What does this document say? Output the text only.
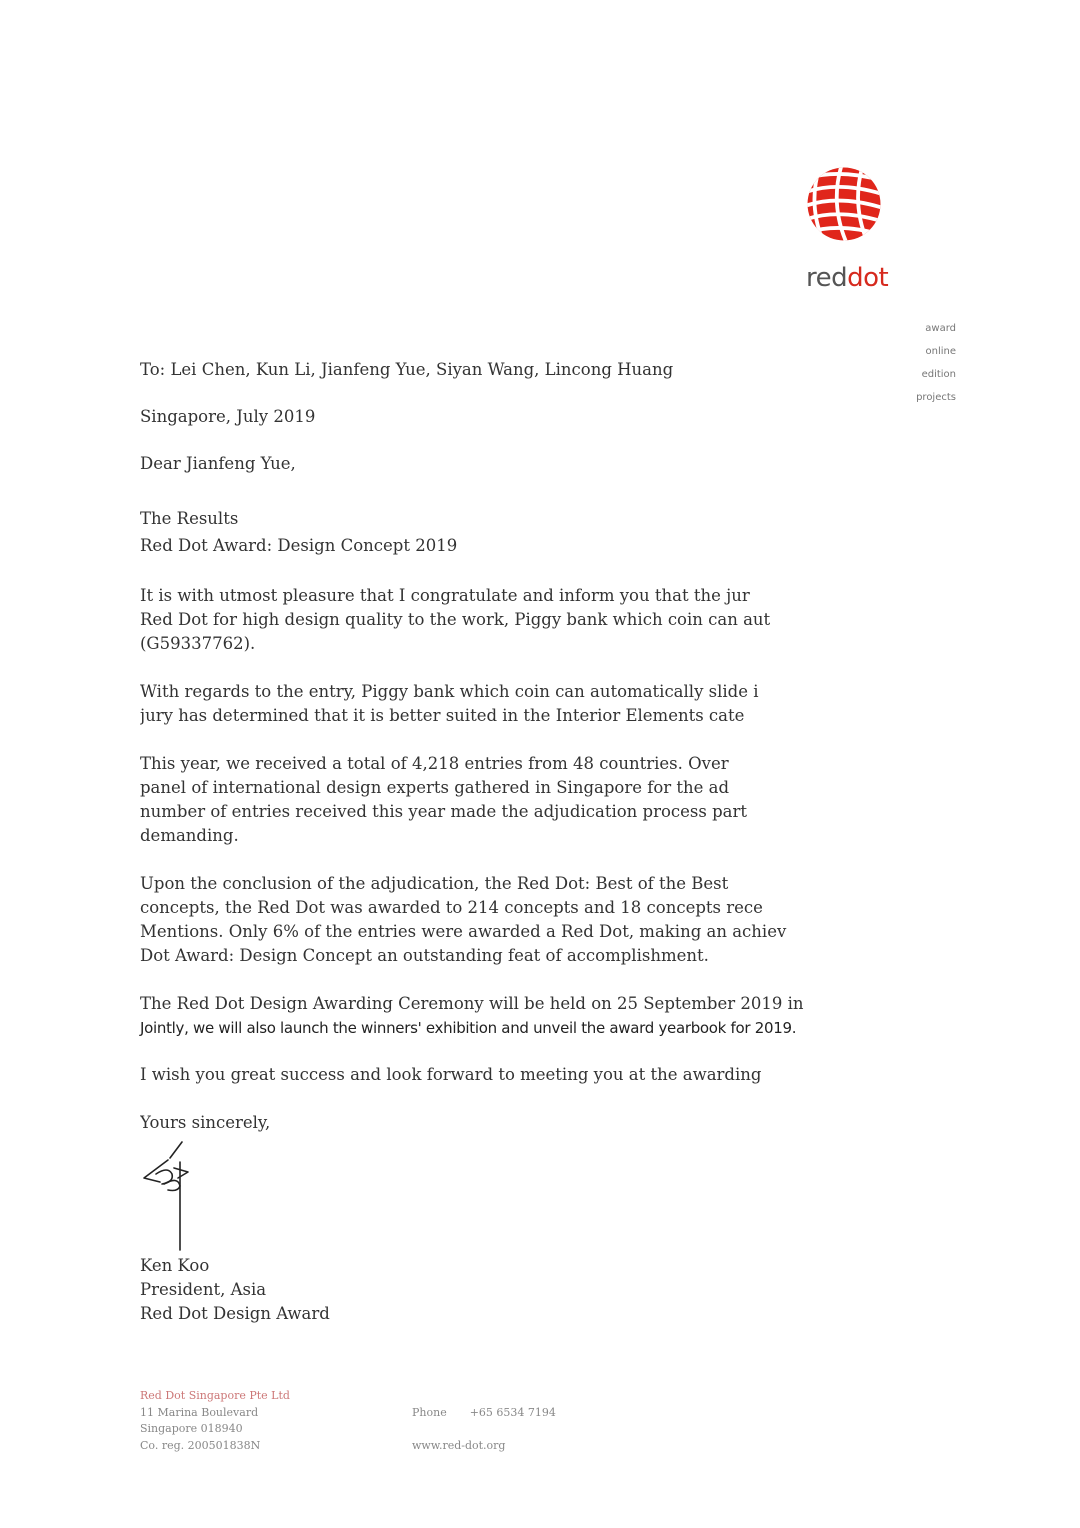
reddot
award
online
edition
projects
To: Lei Chen, Kun Li, Jianfeng Yue, Siyan Wang, Lincong Huang
Singapore, July 2019
Dear Jianfeng Yue,
The Results
Red Dot Award: Design Concept 2019
It is with utmost pleasure that I congratulate and inform you that the jur
Red Dot for high design quality to the work, Piggy bank which coin can aut
(G59337762).
With regards to the entry, Piggy bank which coin can automatically slide i
jury has determined that it is better suited in the Interior Elements cate
This year, we received a total of 4,218 entries from 48 countries. Over
panel of international design experts gathered in Singapore for the ad
number of entries received this year made the adjudication process part
demanding.
Upon the conclusion of the adjudication, the Red Dot: Best of the Best
concepts, the Red Dot was awarded to 214 concepts and 18 concepts rece
Mentions. Only 6% of the entries were awarded a Red Dot, making an achiev
Dot Award: Design Concept an outstanding feat of accomplishment.
The Red Dot Design Awarding Ceremony will be held on 25 September 2019 in
Jointly, we will also launch the winners' exhibition and unveil the award yearbook for 2019.
I wish you great success and look forward to meeting you at the awarding
Yours sincerely,
Ken Koo
President, Asia
Red Dot Design Award
Red Dot Singapore Pte Ltd
11 Marina Boulevard
Singapore 018940
Co. reg. 200501838N
Phone +65 6534 7194
www.red-dot.org
